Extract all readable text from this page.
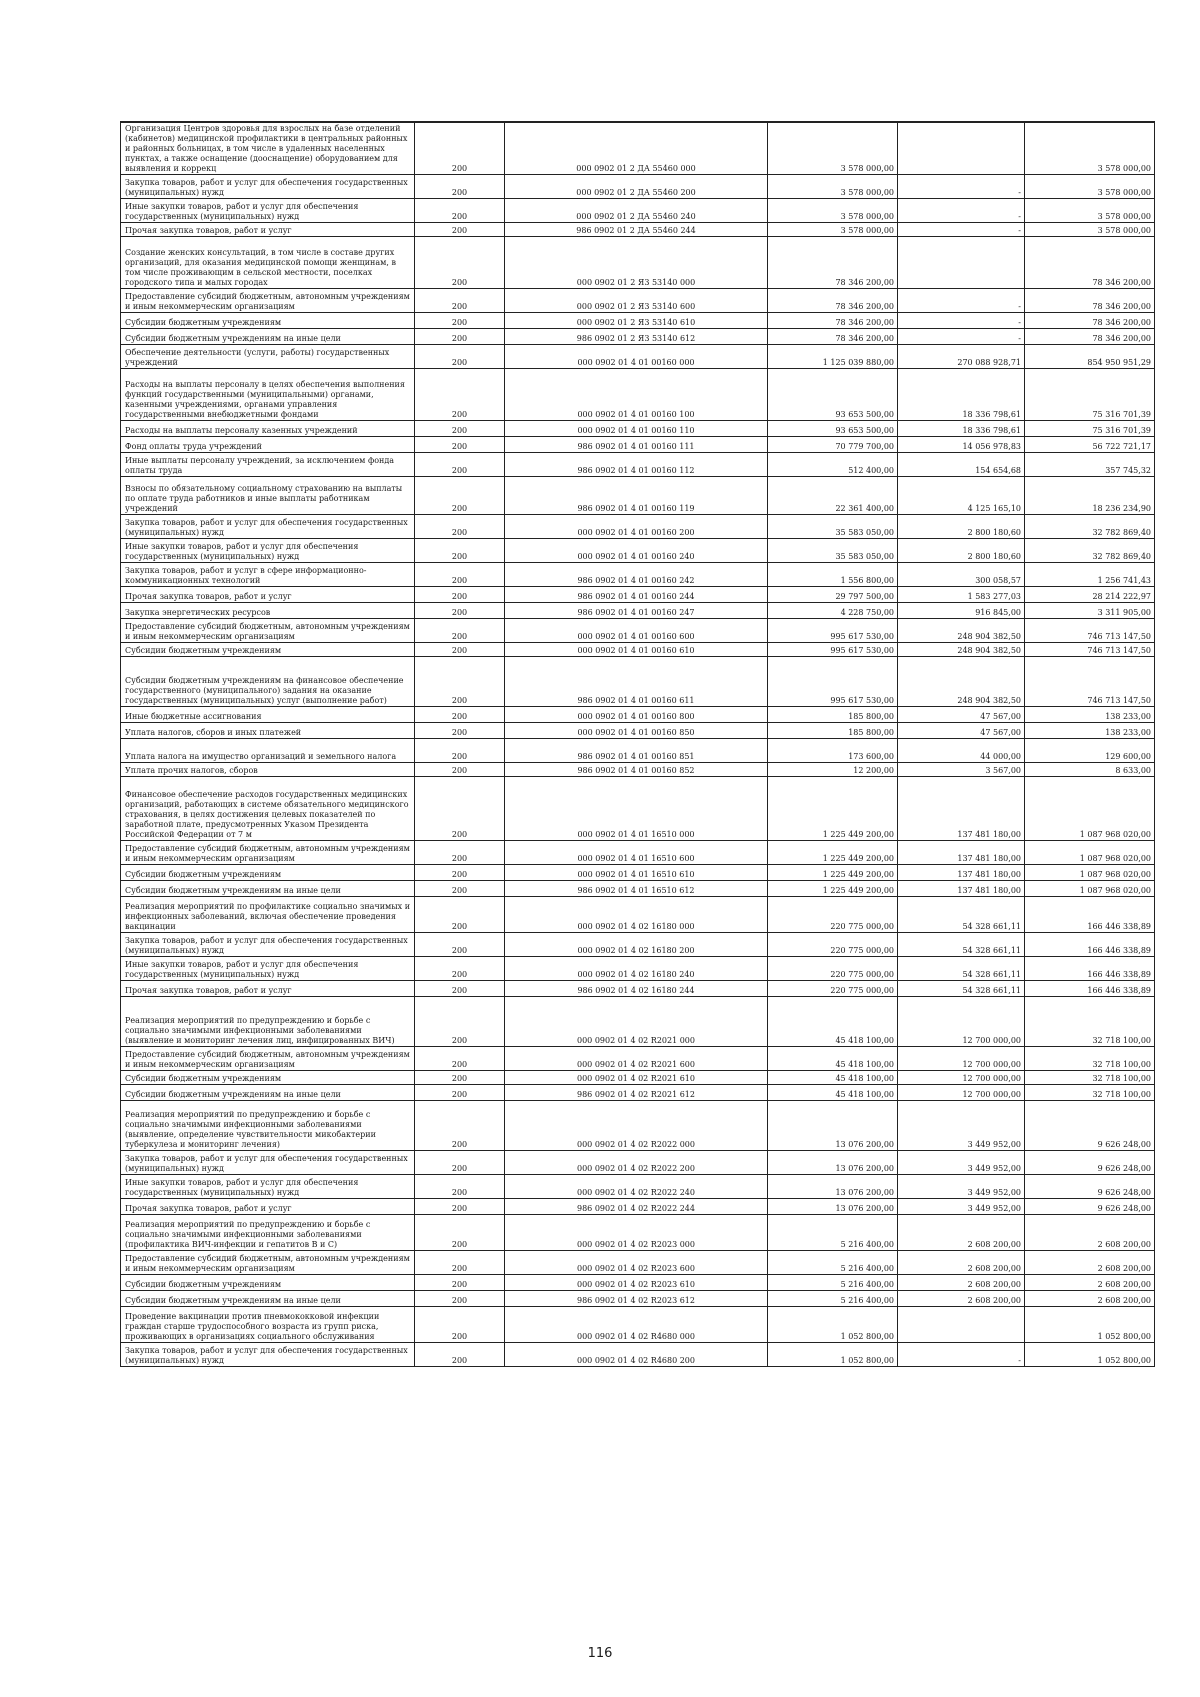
Организация Центров здоровья для взрослых на базе отделений (кабинетов) медицинской профилактики в центральных районных и районных больницах, в том числе в удаленных населенных пунктах, а также оснащение (дооснащение) оборудованием для выявления и коррекц	200	000 0902 01 2 ДА 55460 000	3 578 000,00		3 578 000,00
Закупка товаров, работ и услуг для обеспечения государственных (муниципальных) нужд	200	000 0902 01 2 ДА 55460 200	3 578 000,00	-	3 578 000,00
Иные закупки товаров, работ и услуг для обеспечения государственных (муниципальных) нужд	200	000 0902 01 2 ДА 55460 240	3 578 000,00	-	3 578 000,00
Прочая закупка товаров, работ и услуг	200	986 0902 01 2 ДА 55460 244	3 578 000,00	-	3 578 000,00
Создание женских консультаций, в том числе в составе других организаций, для оказания медицинской помощи женщинам, в том числе проживающим в сельской местности, поселках городского типа и малых городах	200	000 0902 01 2 Я3 53140 000	78 346 200,00		78 346 200,00
Предоставление субсидий бюджетным, автономным учреждениям и иным некоммерческим организациям	200	000 0902 01 2 Я3 53140 600	78 346 200,00	-	78 346 200,00
Субсидии бюджетным учреждениям	200	000 0902 01 2 Я3 53140 610	78 346 200,00	-	78 346 200,00
Субсидии бюджетным учреждениям на иные цели	200	986 0902 01 2 Я3 53140 612	78 346 200,00	-	78 346 200,00
Обеспечение деятельности (услуги, работы) государственных учреждений	200	000 0902 01 4 01 00160 000	1 125 039 880,00	270 088 928,71	854 950 951,29
Расходы на выплаты персоналу в целях обеспечения выполнения функций государственными (муниципальными) органами, казенными учреждениями, органами управления государственными внебюджетными фондами	200	000 0902 01 4 01 00160 100	93 653 500,00	18 336 798,61	75 316 701,39
Расходы на выплаты персоналу казенных учреждений	200	000 0902 01 4 01 00160 110	93 653 500,00	18 336 798,61	75 316 701,39
Фонд оплаты труда учреждений	200	986 0902 01 4 01 00160 111	70 779 700,00	14 056 978,83	56 722 721,17
Иные выплаты персоналу учреждений, за исключением фонда оплаты труда	200	986 0902 01 4 01 00160 112	512 400,00	154 654,68	357 745,32
Взносы по обязательному социальному страхованию на выплаты по оплате труда работников и иные выплаты работникам учреждений	200	986 0902 01 4 01 00160 119	22 361 400,00	4 125 165,10	18 236 234,90
Закупка товаров, работ и услуг для обеспечения государственных (муниципальных) нужд	200	000 0902 01 4 01 00160 200	35 583 050,00	2 800 180,60	32 782 869,40
Иные закупки товаров, работ и услуг для обеспечения государственных (муниципальных) нужд	200	000 0902 01 4 01 00160 240	35 583 050,00	2 800 180,60	32 782 869,40
Закупка товаров, работ и услуг в сфере информационно-коммуникационных технологий	200	986 0902 01 4 01 00160 242	1 556 800,00	300 058,57	1 256 741,43
Прочая закупка товаров, работ и услуг	200	986 0902 01 4 01 00160 244	29 797 500,00	1 583 277,03	28 214 222,97
Закупка энергетических ресурсов	200	986 0902 01 4 01 00160 247	4 228 750,00	916 845,00	3 311 905,00
Предоставление субсидий бюджетным, автономным учреждениям и иным некоммерческим организациям	200	000 0902 01 4 01 00160 600	995 617 530,00	248 904 382,50	746 713 147,50
Субсидии бюджетным учреждениям	200	000 0902 01 4 01 00160 610	995 617 530,00	248 904 382,50	746 713 147,50
Субсидии бюджетным учреждениям на финансовое обеспечение государственного (муниципального) задания на оказание государственных (муниципальных) услуг (выполнение работ)	200	986 0902 01 4 01 00160 611	995 617 530,00	248 904 382,50	746 713 147,50
Иные бюджетные ассигнования	200	000 0902 01 4 01 00160 800	185 800,00	47 567,00	138 233,00
Уплата налогов, сборов и иных платежей	200	000 0902 01 4 01 00160 850	185 800,00	47 567,00	138 233,00
Уплата налога на имущество организаций и земельного налога	200	986 0902 01 4 01 00160 851	173 600,00	44 000,00	129 600,00
Уплата прочих налогов, сборов	200	986 0902 01 4 01 00160 852	12 200,00	3 567,00	8 633,00
Финансовое обеспечение расходов государственных медицинских организаций, работающих в системе обязательного медицинского страхования, в целях достижения целевых показателей по заработной плате, предусмотренных Указом Президента Российской Федерации от 7 м	200	000 0902 01 4 01 16510 000	1 225 449 200,00	137 481 180,00	1 087 968 020,00
Предоставление субсидий бюджетным, автономным учреждениям и иным некоммерческим организациям	200	000 0902 01 4 01 16510 600	1 225 449 200,00	137 481 180,00	1 087 968 020,00
Субсидии бюджетным учреждениям	200	000 0902 01 4 01 16510 610	1 225 449 200,00	137 481 180,00	1 087 968 020,00
Субсидии бюджетным учреждениям на иные цели	200	986 0902 01 4 01 16510 612	1 225 449 200,00	137 481 180,00	1 087 968 020,00
Реализация мероприятий по профилактике социально значимых и инфекционных заболеваний, включая обеспечение проведения вакцинации	200	000 0902 01 4 02 16180 000	220 775 000,00	54 328 661,11	166 446 338,89
Закупка товаров, работ и услуг для обеспечения государственных (муниципальных) нужд	200	000 0902 01 4 02 16180 200	220 775 000,00	54 328 661,11	166 446 338,89
Иные закупки товаров, работ и услуг для обеспечения государственных (муниципальных) нужд	200	000 0902 01 4 02 16180 240	220 775 000,00	54 328 661,11	166 446 338,89
Прочая закупка товаров, работ и услуг	200	986 0902 01 4 02 16180 244	220 775 000,00	54 328 661,11	166 446 338,89
Реализация мероприятий по предупреждению и борьбе с социально значимыми инфекционными заболеваниями (выявление и мониторинг лечения лиц, инфицированных ВИЧ)	200	000 0902 01 4 02 R2021 000	45 418 100,00	12 700 000,00	32 718 100,00
Предоставление субсидий бюджетным, автономным учреждениям и иным некоммерческим организациям	200	000 0902 01 4 02 R2021 600	45 418 100,00	12 700 000,00	32 718 100,00
Субсидии бюджетным учреждениям	200	000 0902 01 4 02 R2021 610	45 418 100,00	12 700 000,00	32 718 100,00
Субсидии бюджетным учреждениям на иные цели	200	986 0902 01 4 02 R2021 612	45 418 100,00	12 700 000,00	32 718 100,00
Реализация мероприятий по предупреждению и борьбе с социально значимыми инфекционными заболеваниями (выявление, определение чувствительности микобактерии туберкулеза и мониторинг лечения)	200	000 0902 01 4 02 R2022 000	13 076 200,00	3 449 952,00	9 626 248,00
Закупка товаров, работ и услуг для обеспечения государственных (муниципальных) нужд	200	000 0902 01 4 02 R2022 200	13 076 200,00	3 449 952,00	9 626 248,00
Иные закупки товаров, работ и услуг для обеспечения государственных (муниципальных) нужд	200	000 0902 01 4 02 R2022 240	13 076 200,00	3 449 952,00	9 626 248,00
Прочая закупка товаров, работ и услуг	200	986 0902 01 4 02 R2022 244	13 076 200,00	3 449 952,00	9 626 248,00
Реализация мероприятий по предупреждению и борьбе с социально значимыми инфекционными заболеваниями (профилактика ВИЧ-инфекции и гепатитов В и С)	200	000 0902 01 4 02 R2023 000	5 216 400,00	2 608 200,00	2 608 200,00
Предоставление субсидий бюджетным, автономным учреждениям и иным некоммерческим организациям	200	000 0902 01 4 02 R2023 600	5 216 400,00	2 608 200,00	2 608 200,00
Субсидии бюджетным учреждениям	200	000 0902 01 4 02 R2023 610	5 216 400,00	2 608 200,00	2 608 200,00
Субсидии бюджетным учреждениям на иные цели	200	986 0902 01 4 02 R2023 612	5 216 400,00	2 608 200,00	2 608 200,00
Проведение вакцинации против пневмококковой инфекции граждан старше трудоспособного возраста из групп риска, проживающих в организациях социального обслуживания	200	000 0902 01 4 02 R4680 000	1 052 800,00		1 052 800,00
Закупка товаров, работ и услуг для обеспечения государственных (муниципальных) нужд	200	000 0902 01 4 02 R4680 200	1 052 800,00	-	1 052 800,00
116
